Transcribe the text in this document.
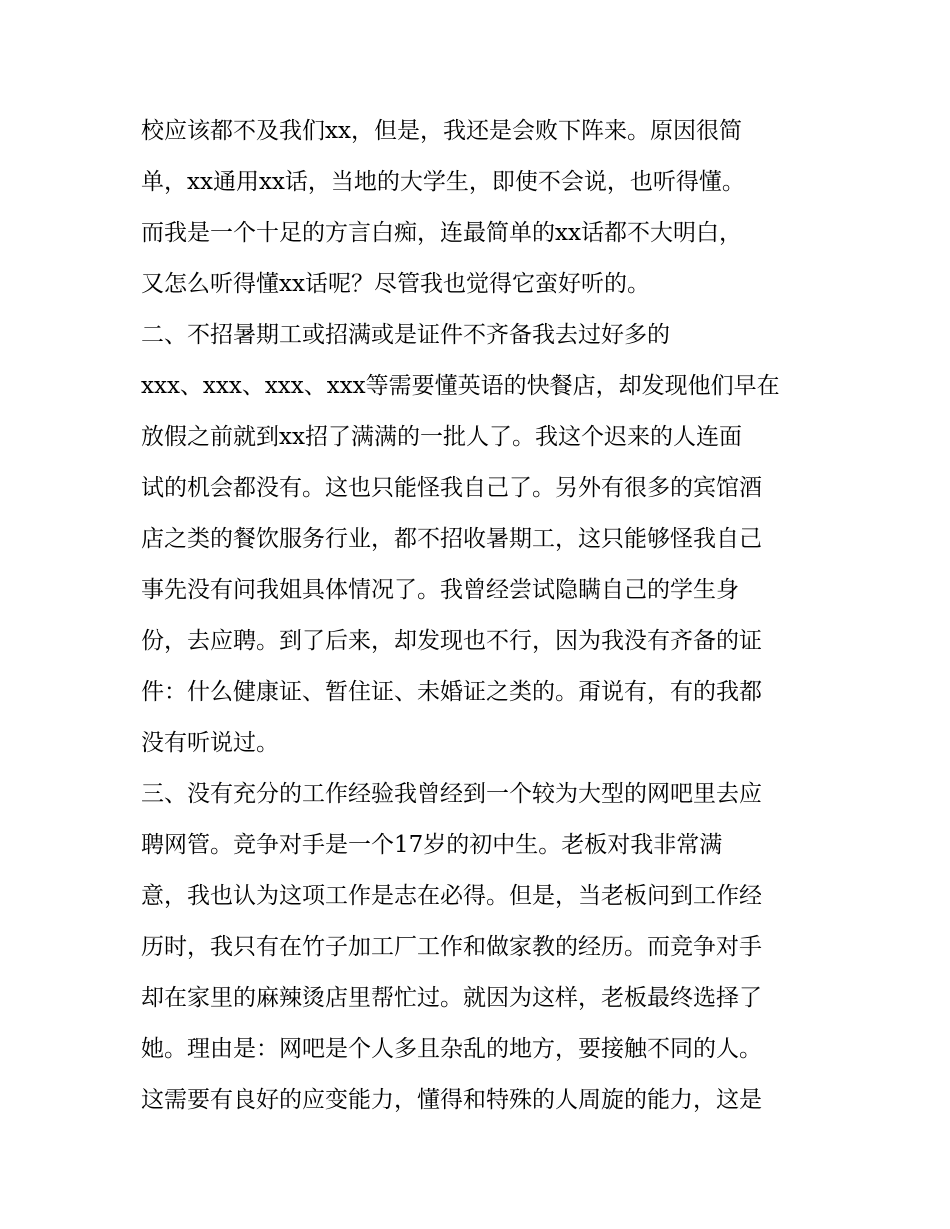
校应该都不及我们xx，但是，我还是会败下阵来。原因很简
单，xx通用xx话，当地的大学生，即使不会说，也听得懂。
而我是一个十足的方言白痴，连最简单的xx话都不大明白，
又怎么听得懂xx话呢？尽管我也觉得它蛮好听的。
二、不招暑期工或招满或是证件不齐备我去过好多的
xxx、xxx、xxx、xxx等需要懂英语的快餐店，却发现他们早在
放假之前就到xx招了满满的一批人了。我这个迟来的人连面
试的机会都没有。这也只能怪我自己了。另外有很多的宾馆酒
店之类的餐饮服务行业，都不招收暑期工，这只能够怪我自己
事先没有问我姐具体情况了。我曾经尝试隐瞒自己的学生身
份，去应聘。到了后来，却发现也不行，因为我没有齐备的证
件：什么健康证、暂住证、未婚证之类的。甭说有，有的我都
没有听说过。
三、没有充分的工作经验我曾经到一个较为大型的网吧里去应
聘网管。竞争对手是一个17岁的初中生。老板对我非常满
意，我也认为这项工作是志在必得。但是，当老板问到工作经
历时，我只有在竹子加工厂工作和做家教的经历。而竞争对手
却在家里的麻辣烫店里帮忙过。就因为这样，老板最终选择了
她。理由是：网吧是个人多且杂乱的地方，要接触不同的人。
这需要有良好的应变能力，懂得和特殊的人周旋的能力，这是
